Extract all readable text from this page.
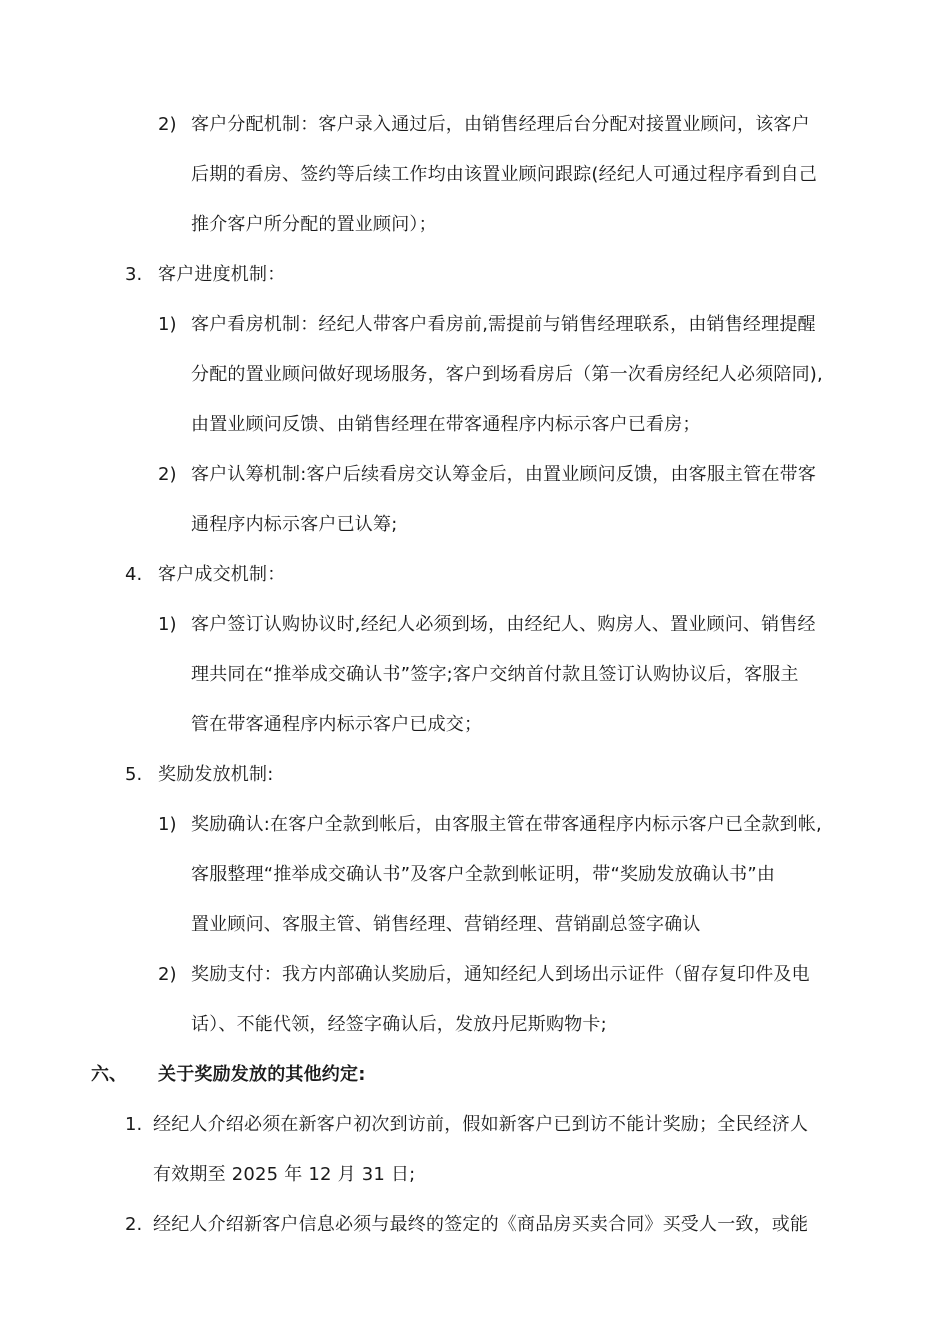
2) 客户分配机制：客户录入通过后，由销售经理后台分配对接置业顾问，该客户
后期的看房、签约等后续工作均由该置业顾问跟踪(经纪人可通过程序看到自己
推介客户所分配的置业顾问）；
3. 客户进度机制：
1) 客户看房机制：经纪人带客户看房前,需提前与销售经理联系，由销售经理提醒
分配的置业顾问做好现场服务，客户到场看房后（第一次看房经纪人必须陪同),
由置业顾问反馈、由销售经理在带客通程序内标示客户已看房；
2) 客户认筹机制:客户后续看房交认筹金后，由置业顾问反馈，由客服主管在带客
通程序内标示客户已认筹;
4. 客户成交机制：
1) 客户签订认购协议时,经纪人必须到场，由经纪人、购房人、置业顾问、销售经
理共同在“推举成交确认书”签字;客户交纳首付款且签订认购协议后，客服主
管在带客通程序内标示客户已成交；
5. 奖励发放机制:
1) 奖励确认:在客户全款到帐后，由客服主管在带客通程序内标示客户已全款到帐,
客服整理“推举成交确认书”及客户全款到帐证明，带“奖励发放确认书”由
置业顾问、客服主管、销售经理、营销经理、营销副总签字确认
2) 奖励支付：我方内部确认奖励后，通知经纪人到场出示证件（留存复印件及电
话）、不能代领，经签字确认后，发放丹尼斯购物卡;
六、 关于奖励发放的其他约定:
1. 经纪人介绍必须在新客户初次到访前，假如新客户已到访不能计奖励；全民经济人
有效期至 2025 年 12 月 31 日;
2. 经纪人介绍新客户信息必须与最终的签定的《商品房买卖合同》买受人一致，或能
